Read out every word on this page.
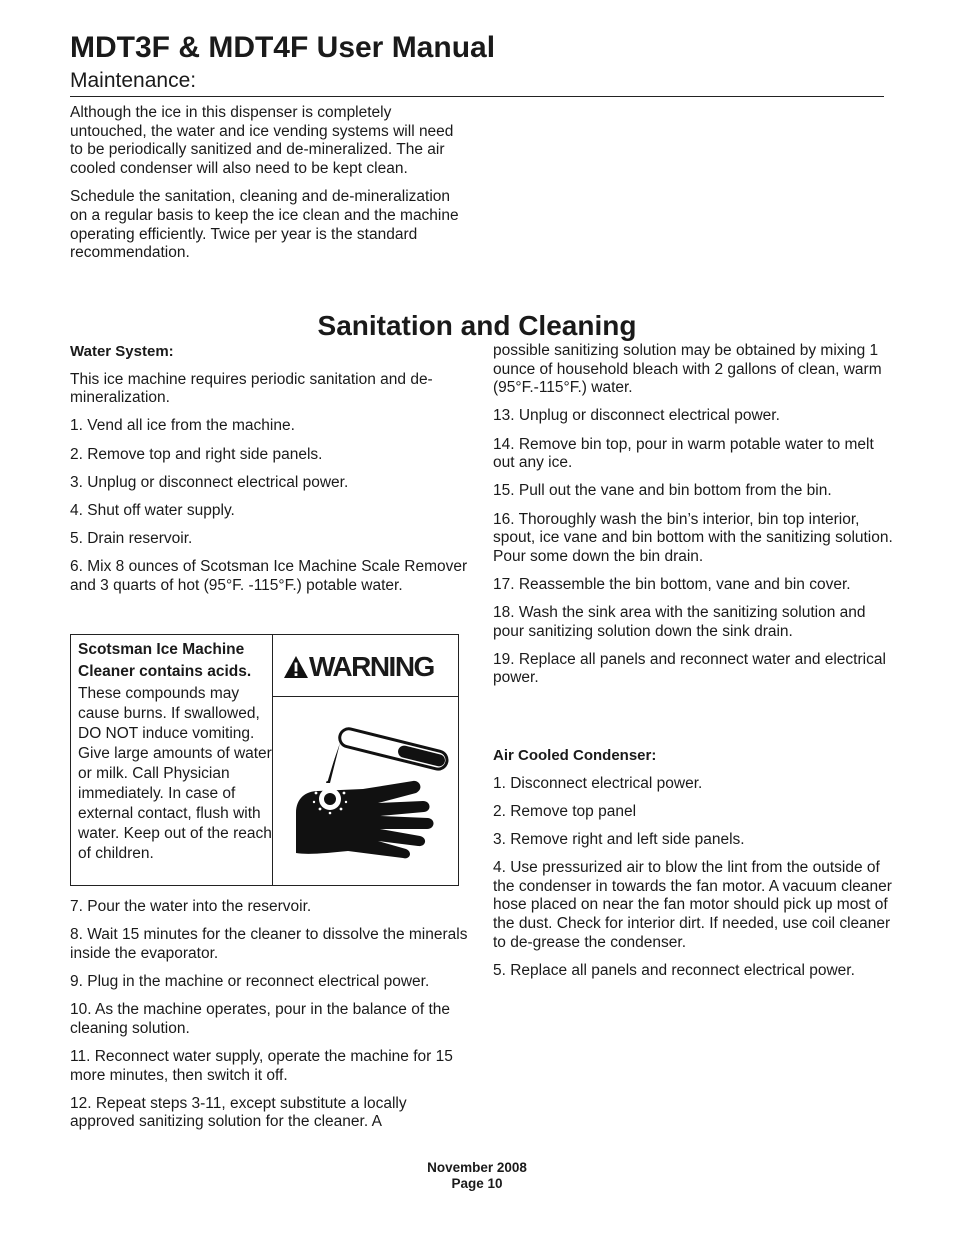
MDT3F & MDT4F User Manual
Maintenance:

Although the ice in this dispenser is completely untouched, the water and ice vending systems will need to be periodically sanitized and de-mineralized. The air cooled condenser will also need to be kept clean.

Schedule the sanitation, cleaning and de-mineralization on a regular basis to keep the ice clean and the machine operating efficiently. Twice per year is the standard recommendation.

Sanitation and Cleaning

Water System:

This ice machine requires periodic sanitation and de-mineralization.

1. Vend all ice from the machine.

2. Remove top and right side panels.

3. Unplug or disconnect electrical power.

4. Shut off water supply.

5. Drain reservoir.

6. Mix 8 ounces of Scotsman Ice Machine Scale Remover and 3 quarts of hot (95°F. -115°F.) potable water.

Scotsman Ice Machine Cleaner contains acids.
These compounds may cause burns. If swallowed, DO NOT induce vomiting. Give large amounts of water or milk. Call Physician immediately. In case of external contact, flush with water. Keep out of the reach of children.
WARNING

7. Pour the water into the reservoir.

8. Wait 15 minutes for the cleaner to dissolve the minerals inside the evaporator.

9. Plug in the machine or reconnect electrical power.

10. As the machine operates, pour in the balance of the cleaning solution.

11. Reconnect water supply, operate the machine for 15 more minutes, then switch it off.

12. Repeat steps 3-11, except substitute a locally approved sanitizing solution for the cleaner. A

possible sanitizing solution may be obtained by mixing 1 ounce of household bleach with 2 gallons of clean, warm (95°F.-115°F.) water.

13. Unplug or disconnect electrical power.

14. Remove bin top, pour in warm potable water to melt out any ice.

15. Pull out the vane and bin bottom from the bin.

16. Thoroughly wash the bin’s interior, bin top interior, spout, ice vane and bin bottom with the sanitizing solution. Pour some down the bin drain.

17. Reassemble the bin bottom, vane and bin cover.

18. Wash the sink area with the sanitizing solution and pour sanitizing solution down the sink drain.

19. Replace all panels and reconnect water and electrical power.

Air Cooled Condenser:

1. Disconnect electrical power.

2. Remove top panel

3. Remove right and left side panels.

4. Use pressurized air to blow the lint from the outside of the condenser in towards the fan motor. A vacuum cleaner hose placed on near the fan motor should pick up most of the dust. Check for interior dirt. If needed, use coil cleaner to de-grease the condenser.

5. Replace all panels and reconnect electrical power.

November 2008
Page 10
